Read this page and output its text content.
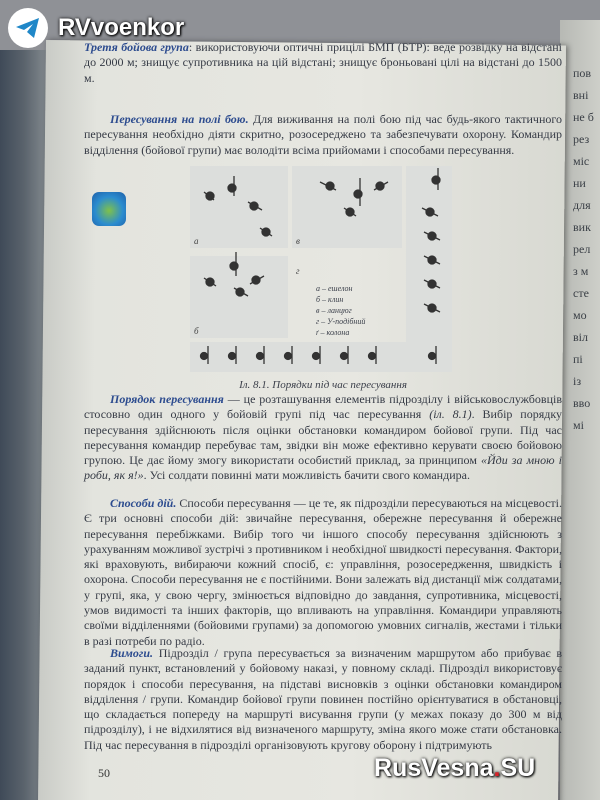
пов
вні
не б
рез
міс
ни
для
вик
рел
з м
сте
мо
віл
пі
із
вво
мі
Третя бойова група: використовуючи оптичні прицілі БМП (БТР): веде розвідку на відстані до 2000 м; знищує супротивника на цій відстані; знищує броньовані цілі на відстані до 1500 м.
Пересування на полі бою. Для виживання на полі бою під час будь-якого тактичного пересування необхідно діяти скритно, розосереджено та забезпечувати охорону. Командир відділення (бойової групи) має володіти всіма прийомами і способами пересування.
а
б
в
г
а – ешелон
б – клин
в – ланцюг
г – У-подібний
ґ – колона
Іл. 8.1. Порядки під час пересування
Порядок пересування — це розташування елементів підрозділу і військовослужбовців стосовно один одного у бойовій групі під час пересування (іл. 8.1). Вибір порядку пересування здійснюють після оцінки обстановки командиром бойової групи. Під час пересування командир перебуває там, звідки він може ефективно керувати своєю бойовою групою. Це дає йому змогу використати особистий приклад, за принципом «Йди за мною і роби, як я!». Усі солдати повинні мати можливість бачити свого командира.
Способи дій. Способи пересування — це те, як підрозділи пересуваються на місцевості. Є три основні способи дій: звичайне пересування, обережне пересування й обережне пересування перебіжками. Вибір того чи іншого способу пересування здійснюють з урахуванням можливої зустрічі з противником і необхідної швидкості пересування. Фактори, які враховують, вибираючи кожний спосіб, є: управління, розосередження, швидкість і охорона. Способи пересування не є постійними. Вони залежать від дистанції між солдатами, у групі, яка, у свою чергу, змінюється відповідно до завдання, супротивника, місцевості, умов видимості та інших факторів, що впливають на управління. Командири управляють своїми відділеннями (бойовими групами) за допомогою умовних сигналів, жестами і тільки в разі потреби по радіо.
Вимоги. Підрозділ / група пересувається за визначеним маршрутом або прибуває в заданий пункт, встановлений у бойовому наказі, у повному складі. Підрозділ використовує порядок і способи пересування, на підставі висновків з оцінки обстановки командиром відділення / групи. Командир бойової групи повинен постійно орієнтуватися в обстановці, що складається попереду на маршруті висування групи (у межах показу до 300 м від підрозділу), і не відхилятися від визначеного маршруту, зміна якого може стати обстановка. Під час пересування в підрозділі організовують кругову оборону і підтримують
50
RVvoenkor
RusVesna.SU
